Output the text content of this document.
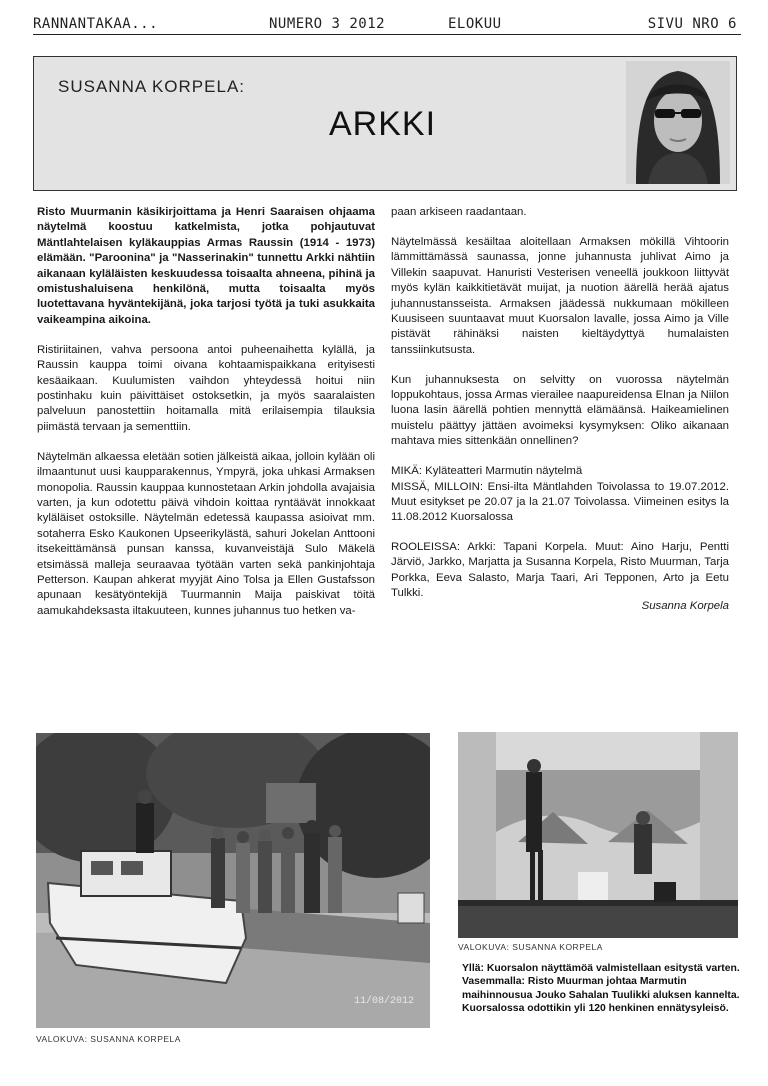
RANNANTAKAA...	NUMERO 3 2012	ELOKUU	SIVU NRO 6
SUSANNA KORPELA:
ARKKI

Risto Muurmanin käsikirjoittama ja Henri Saaraisen ohjaama näytelmä koostuu katkelmista, jotka pohjautuvat Mäntlahtelaisen kyläkauppias Armas Raussin (1914 - 1973) elämään. "Paroonina" ja "Nasserinakin" tunnettu Arkki nähtiin aikanaan kyläläisten keskuudessa toisaalta ahneena, pihinä ja omistushaluisena henkilönä, mutta toisaalta myös luotettavana hyväntekijänä, joka tarjosi työtä ja tuki asukkaita vaikeampina aikoina.

Ristiriitainen, vahva persoona antoi puheenaihetta kylällä, ja Raussin kauppa toimi oivana kohtaamispaikkana erityisesti kesäaikaan. Kuulumisten vaihdon yhteydessä hoitui niin postinhaku kuin päivittäiset ostoksetkin, ja myös saaralaisten palveluun panostettiin hoitamalla mitä erilaisempia tilauksia piimästä tervaan ja sementtiin.

Näytelmän alkaessa eletään sotien jälkeistä aikaa, jolloin kylään oli ilmaantunut uusi kaupparakennus, Ympyrä, joka uhkasi Armaksen monopolia. Raussin kauppaa kunnostetaan Arkin johdolla avajaisia varten, ja kun odotettu päivä vihdoin koittaa ryntäävät innokkaat kyläläiset ostoksille. Näytelmän edetessä kaupassa asioivat mm. sotaherra Esko Kaukonen Upseerikylästä, sahuri Jokelan Anttooni itsekeittämänsä punsan kanssa, kuvanveistäjä Sulo Mäkelä etsimässä malleja seuraavaa työtään varten sekä pankinjohtaja Petterson. Kaupan ahkerat myyjät Aino Tolsa ja Ellen Gustafsson apunaan kesätyöntekijä Tuurmannin Maija paiskivat töitä aamukahdeksasta iltakuuteen, kunnes juhannus tuo hetken va-

paan arkiseen raadantaan.

Näytelmässä kesäiltaa aloitellaan Armaksen mökillä Vihtoorin lämmittämässä saunassa, jonne juhannusta juhlivat Aimo ja Villekin saapuvat. Hanuristi Vesterisen veneellä joukkoon liittyvät myös kylän kaikkitietävät muijat, ja nuotion äärellä herää ajatus juhannustansseista. Armaksen jäädessä nukkumaan mökilleen Kuusiseen suuntaavat muut Kuorsalon lavalle, jossa Aimo ja Ville pistävät rähinäksi naisten kieltäydyttyä humalaisten tanssiinkutsusta.

Kun juhannuksesta on selvitty on vuorossa näytelmän loppukohtaus, jossa Armas vierailee naapureidensa Elnan ja Niilon luona lasin äärellä pohtien mennyttä elämäänsä. Haikeamielinen muistelu päättyy jättäen avoimeksi kysymyksen: Oliko aikanaan mahtava mies sittenkään onnellinen?

MIKÄ: Kyläteatteri Marmutin näytelmä

MISSÄ, MILLOIN: Ensi-ilta Mäntlahden Toivolassa to 19.07.2012. Muut esitykset pe 20.07 ja la 21.07 Toivolassa. Viimeinen esitys la 11.08.2012 Kuorsalossa

ROOLEISSA: Arkki: Tapani Korpela. Muut: Aino Harju, Pentti Järviö, Jarkko, Marjatta ja Susanna Korpela, Risto Muurman, Tarja Porkka, Eeva Salasto, Marja Taari, Ari Tepponen, Arto ja Eetu Tulkki.

Susanna Korpela

11/08/2012
VALOKUVA: SUSANNA KORPELA
VALOKUVA: SUSANNA KORPELA

Yllä: Kuorsalon näyttämöä valmistellaan esitystä varten.

Vasemmalla: Risto Muurman johtaa Marmutin maihinnousua Jouko Sahalan Tuulikki aluksen kannelta. Kuorsalossa odottikin yli 120 henkinen ennätysyleisö.
